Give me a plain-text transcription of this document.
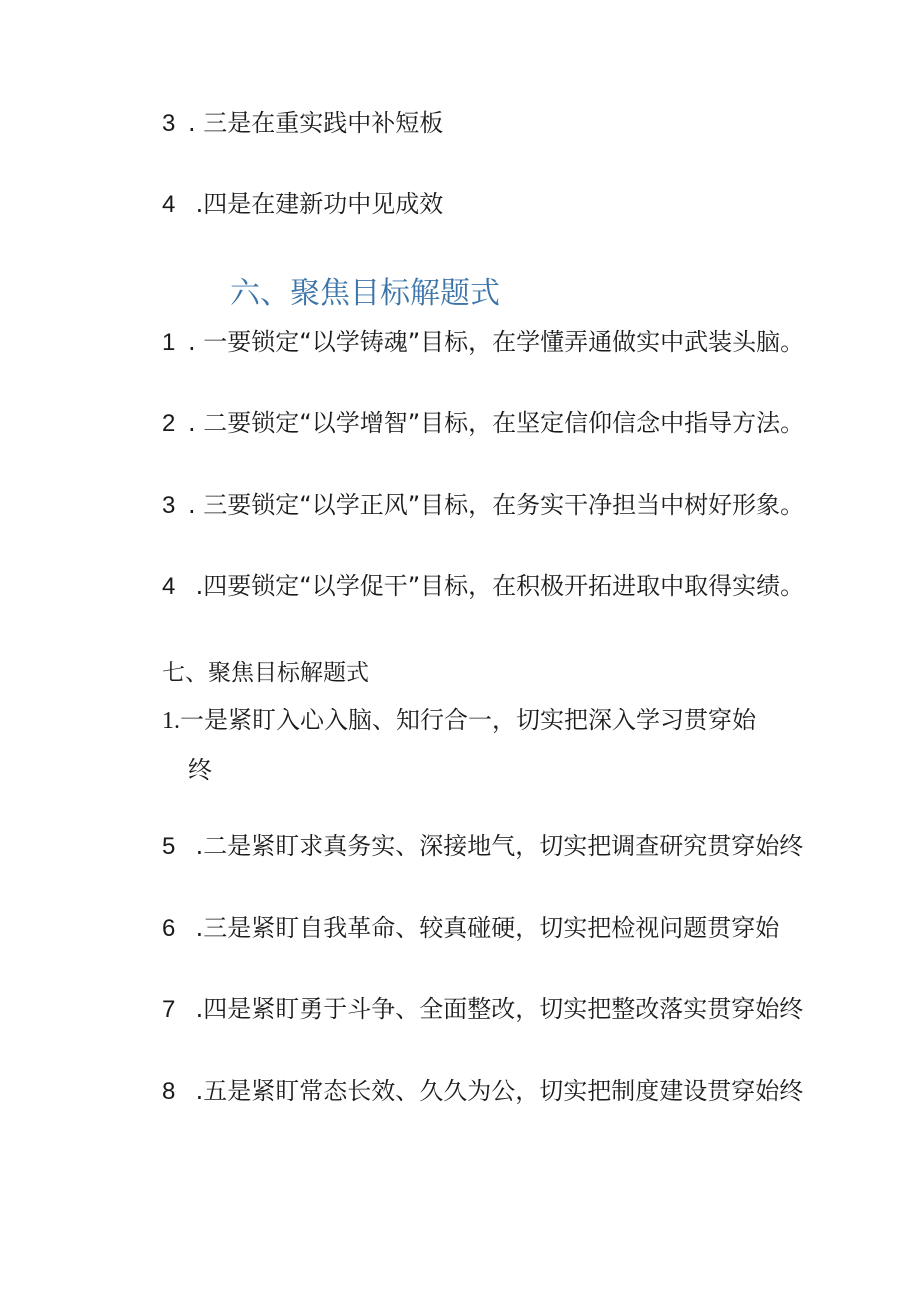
3 . 三是在重实践中补短板
4 .四是在建新功中见成效
六、聚焦目标解题式
1 . 一要锁定“以学铸魂”目标，在学懂弄通做实中武装头脑。
2 . 二要锁定“以学增智”目标，在坚定信仰信念中指导方法。
3 . 三要锁定“以学正风”目标，在务实干净担当中树好形象。
4 .四要锁定“以学促干”目标，在积极开拓进取中取得实绩。
七、聚焦目标解题式
1.一是紧盯入心入脑、知行合一，切实把深入学习贯穿始
终
5 .二是紧盯求真务实、深接地气，切实把调查研究贯穿始终
6 .三是紧盯自我革命、较真碰硬，切实把检视问题贯穿始
7 .四是紧盯勇于斗争、全面整改，切实把整改落实贯穿始终
8 .五是紧盯常态长效、久久为公，切实把制度建设贯穿始终
